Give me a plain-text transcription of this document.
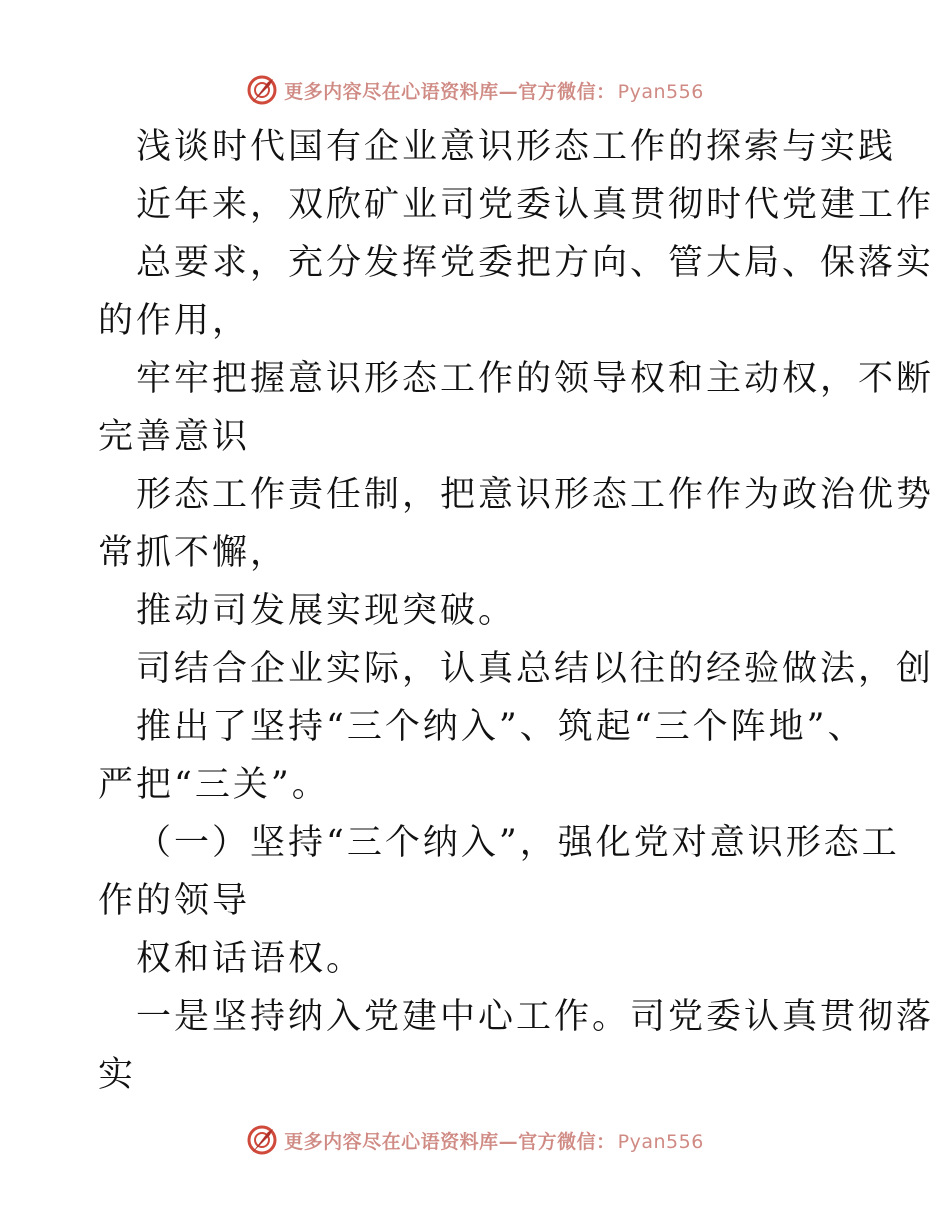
更多内容尽在心语资料库—官方微信： Pyan556
浅谈时代国有企业意识形态工作的探索与实践
近年来，双欣矿业司党委认真贯彻时代党建工作
总要求，充分发挥党委把方向、管大局、保落实
的作用，
牢牢把握意识形态工作的领导权和主动权，不断
完善意识
形态工作责任制，把意识形态工作作为政治优势
常抓不懈，
推动司发展实现突破。
司结合企业实际，认真总结以往的经验做法，创
推出了坚持“三个纳入”、筑起“三个阵地”、
严把“三关”。
（一）坚持“三个纳入”，强化党对意识形态工
作的领导
权和话语权。
一是坚持纳入党建中心工作。司党委认真贯彻落
实
更多内容尽在心语资料库—官方微信： Pyan556
